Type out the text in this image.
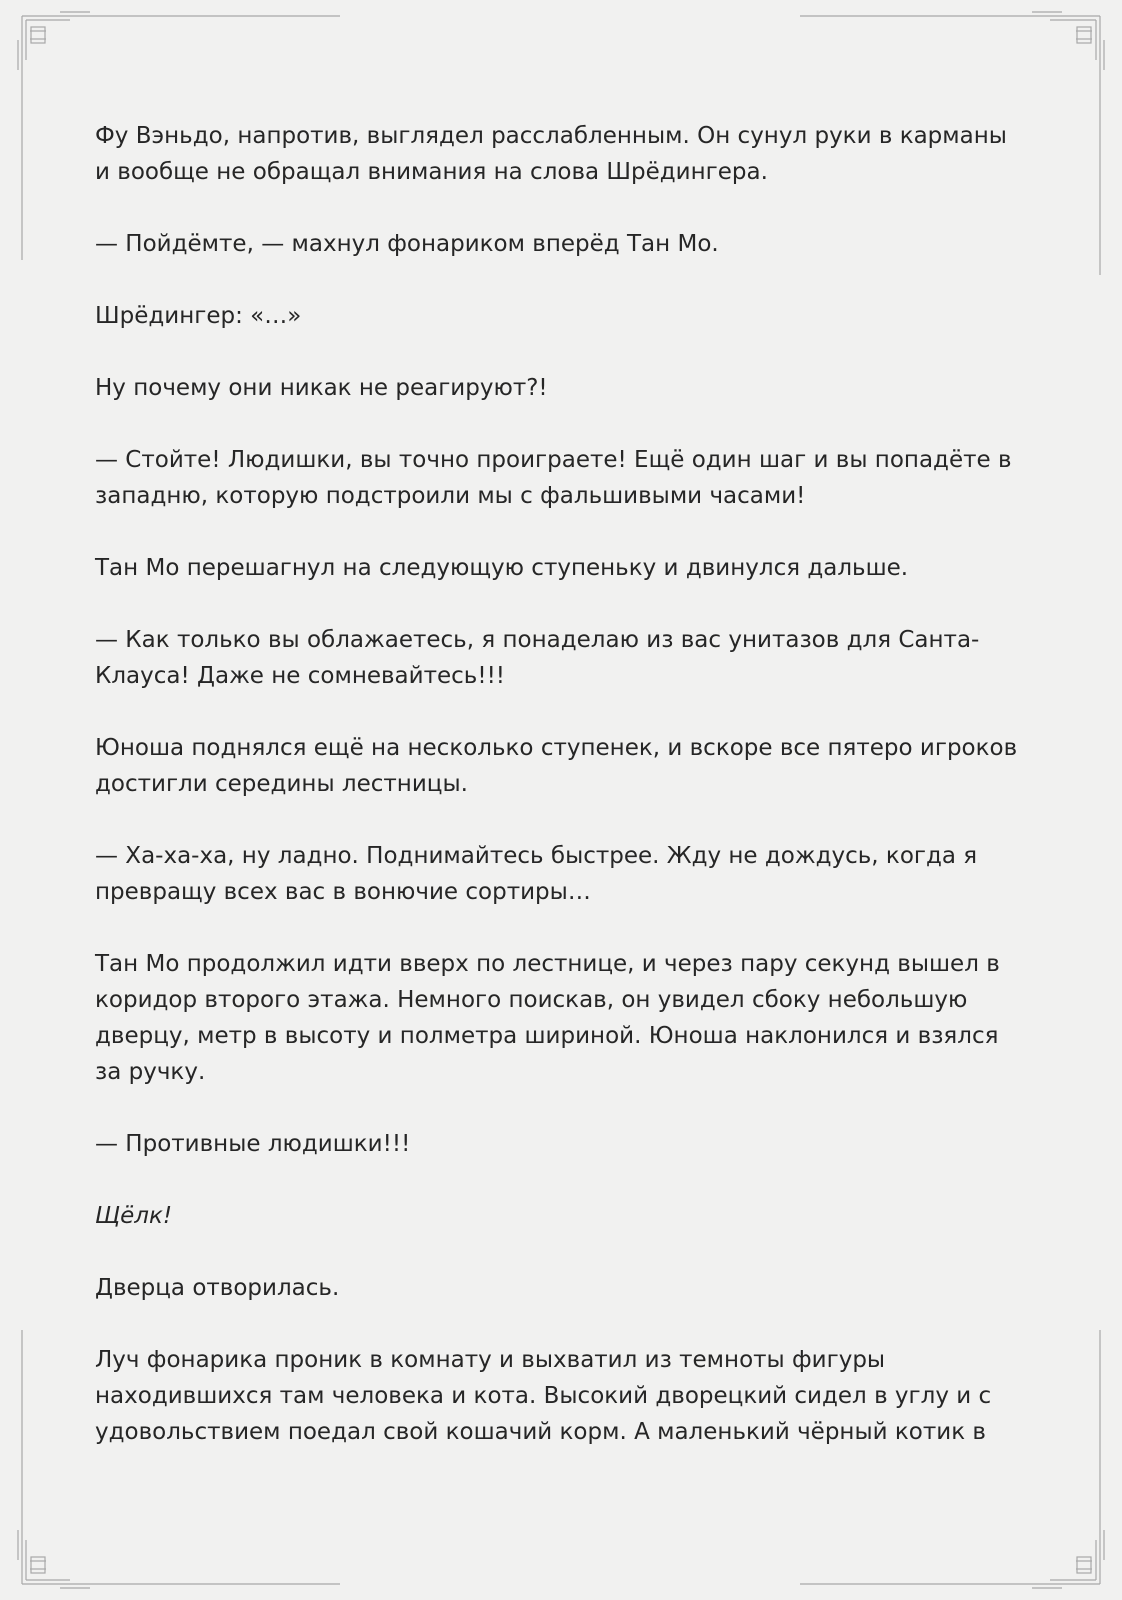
Фу Вэньдо, напротив, выглядел расслабленным. Он сунул руки в карманы
и вообще не обращал внимания на слова Шрёдингера.

— Пойдёмте, — махнул фонариком вперёд Тан Мо.

Шрёдингер: «…»

Ну почему они никак не реагируют?!

— Стойте! Людишки, вы точно проиграете! Ещё один шаг и вы попадёте в
западню, которую подстроили мы с фальшивыми часами!

Тан Мо перешагнул на следующую ступеньку и двинулся дальше.

— Как только вы облажаетесь, я понаделаю из вас унитазов для Санта-
Клауса! Даже не сомневайтесь!!!

Юноша поднялся ещё на несколько ступенек, и вскоре все пятеро игроков
достигли середины лестницы.

— Ха-ха-ха, ну ладно. Поднимайтесь быстрее. Жду не дождусь, когда я
превращу всех вас в вонючие сортиры…

Тан Мо продолжил идти вверх по лестнице, и через пару секунд вышел в
коридор второго этажа. Немного поискав, он увидел сбоку небольшую
дверцу, метр в высоту и полметра шириной. Юноша наклонился и взялся
за ручку.

— Противные людишки!!!

Щёлк!

Дверца отворилась.

Луч фонарика проник в комнату и выхватил из темноты фигуры
находившихся там человека и кота. Высокий дворецкий сидел в углу и с
удовольствием поедал свой кошачий корм. А маленький чёрный котик в
